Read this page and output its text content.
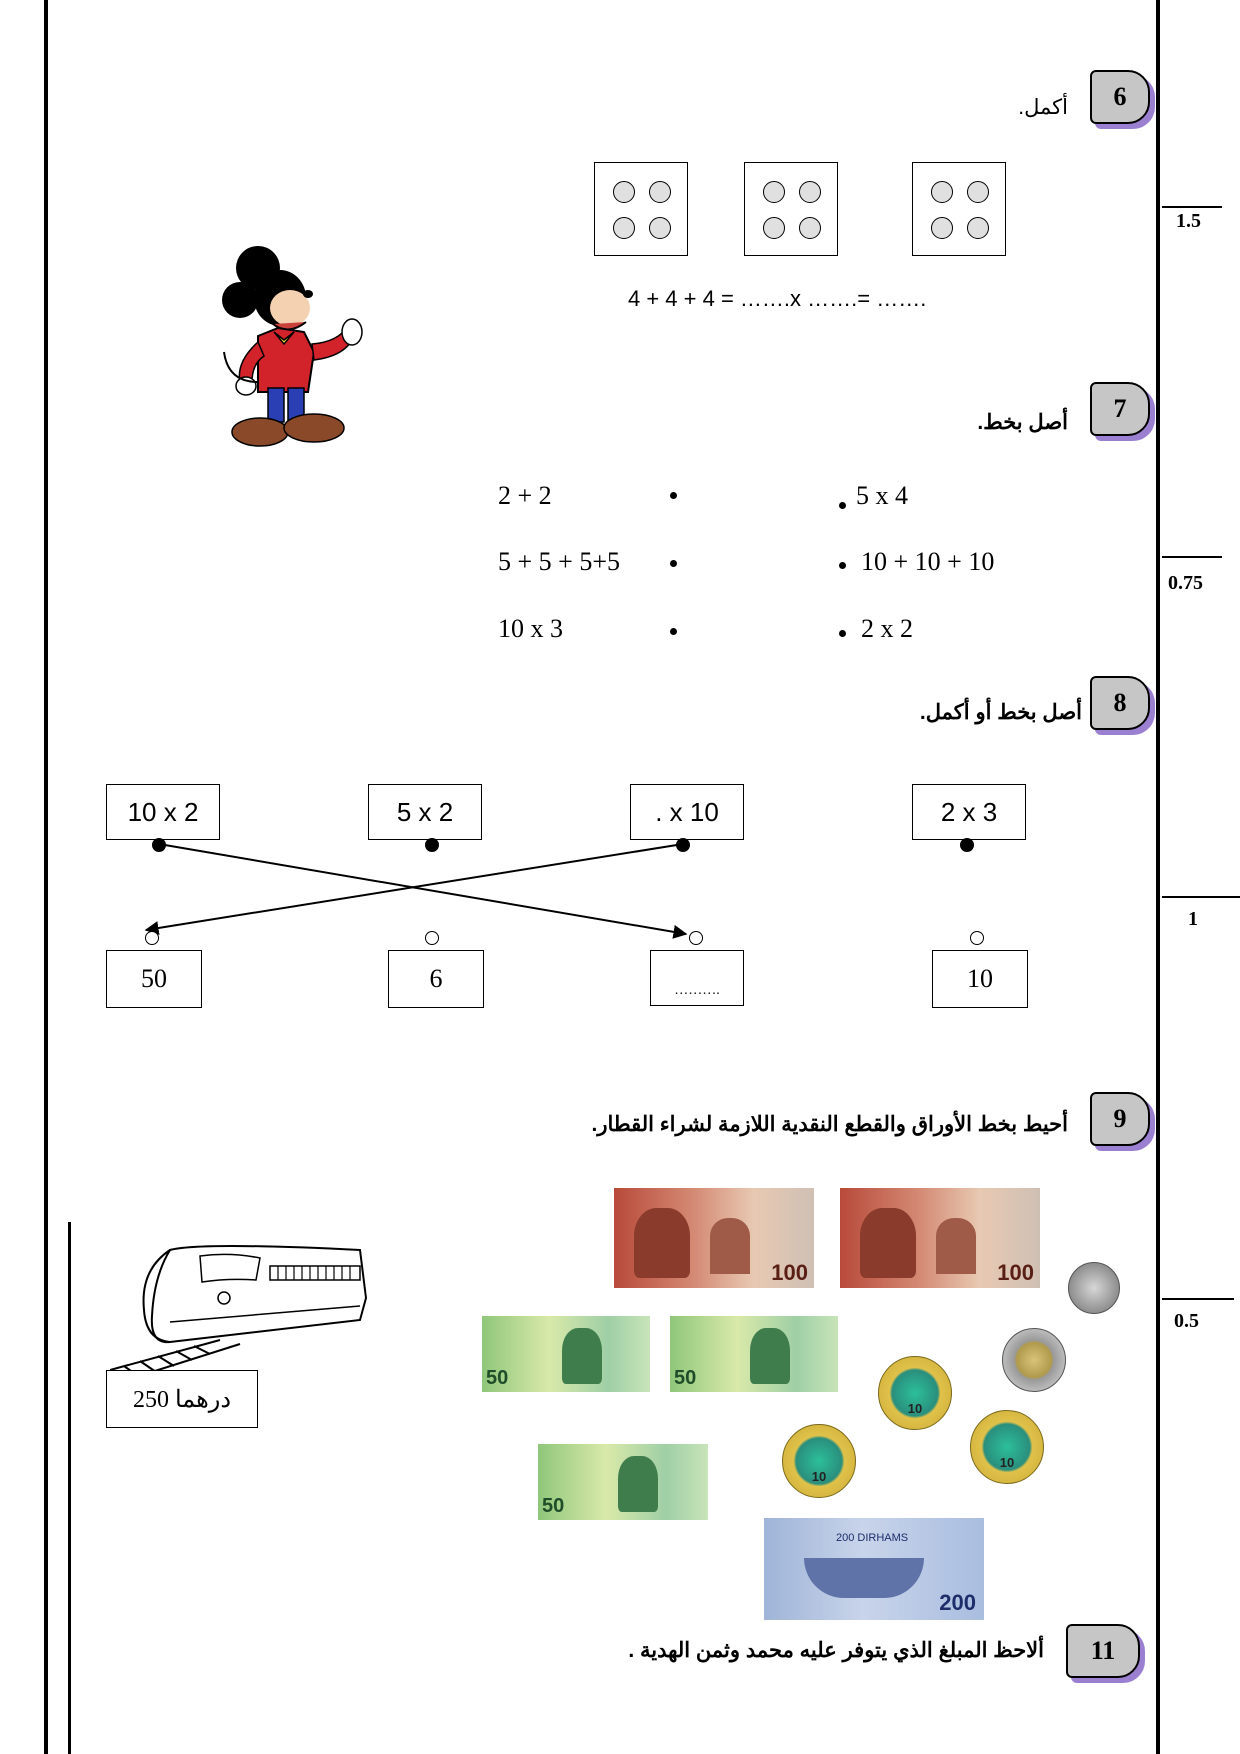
1.5
0.75
1
0.5
6
أكمل.
4 + 4 + 4 = …….x …….= …….
7
أصل بخط.
2 + 2
5 + 5 + 5+5
10 x 3
5 x 4
10 + 10 + 10
2 x 2
8
أصل بخط أو أكمل.
10 x 2	5 x 2	. x 10	2 x 3
50	6	……….	10
9
أحيط بخط الأوراق والقطع النقدية اللازمة لشراء القطار.
250 درهما
100	100
50	50
50
200 DIRHAMS
200
10
10
10
11
ألاحظ المبلغ الذي يتوفر عليه محمد وثمن الهدية .
